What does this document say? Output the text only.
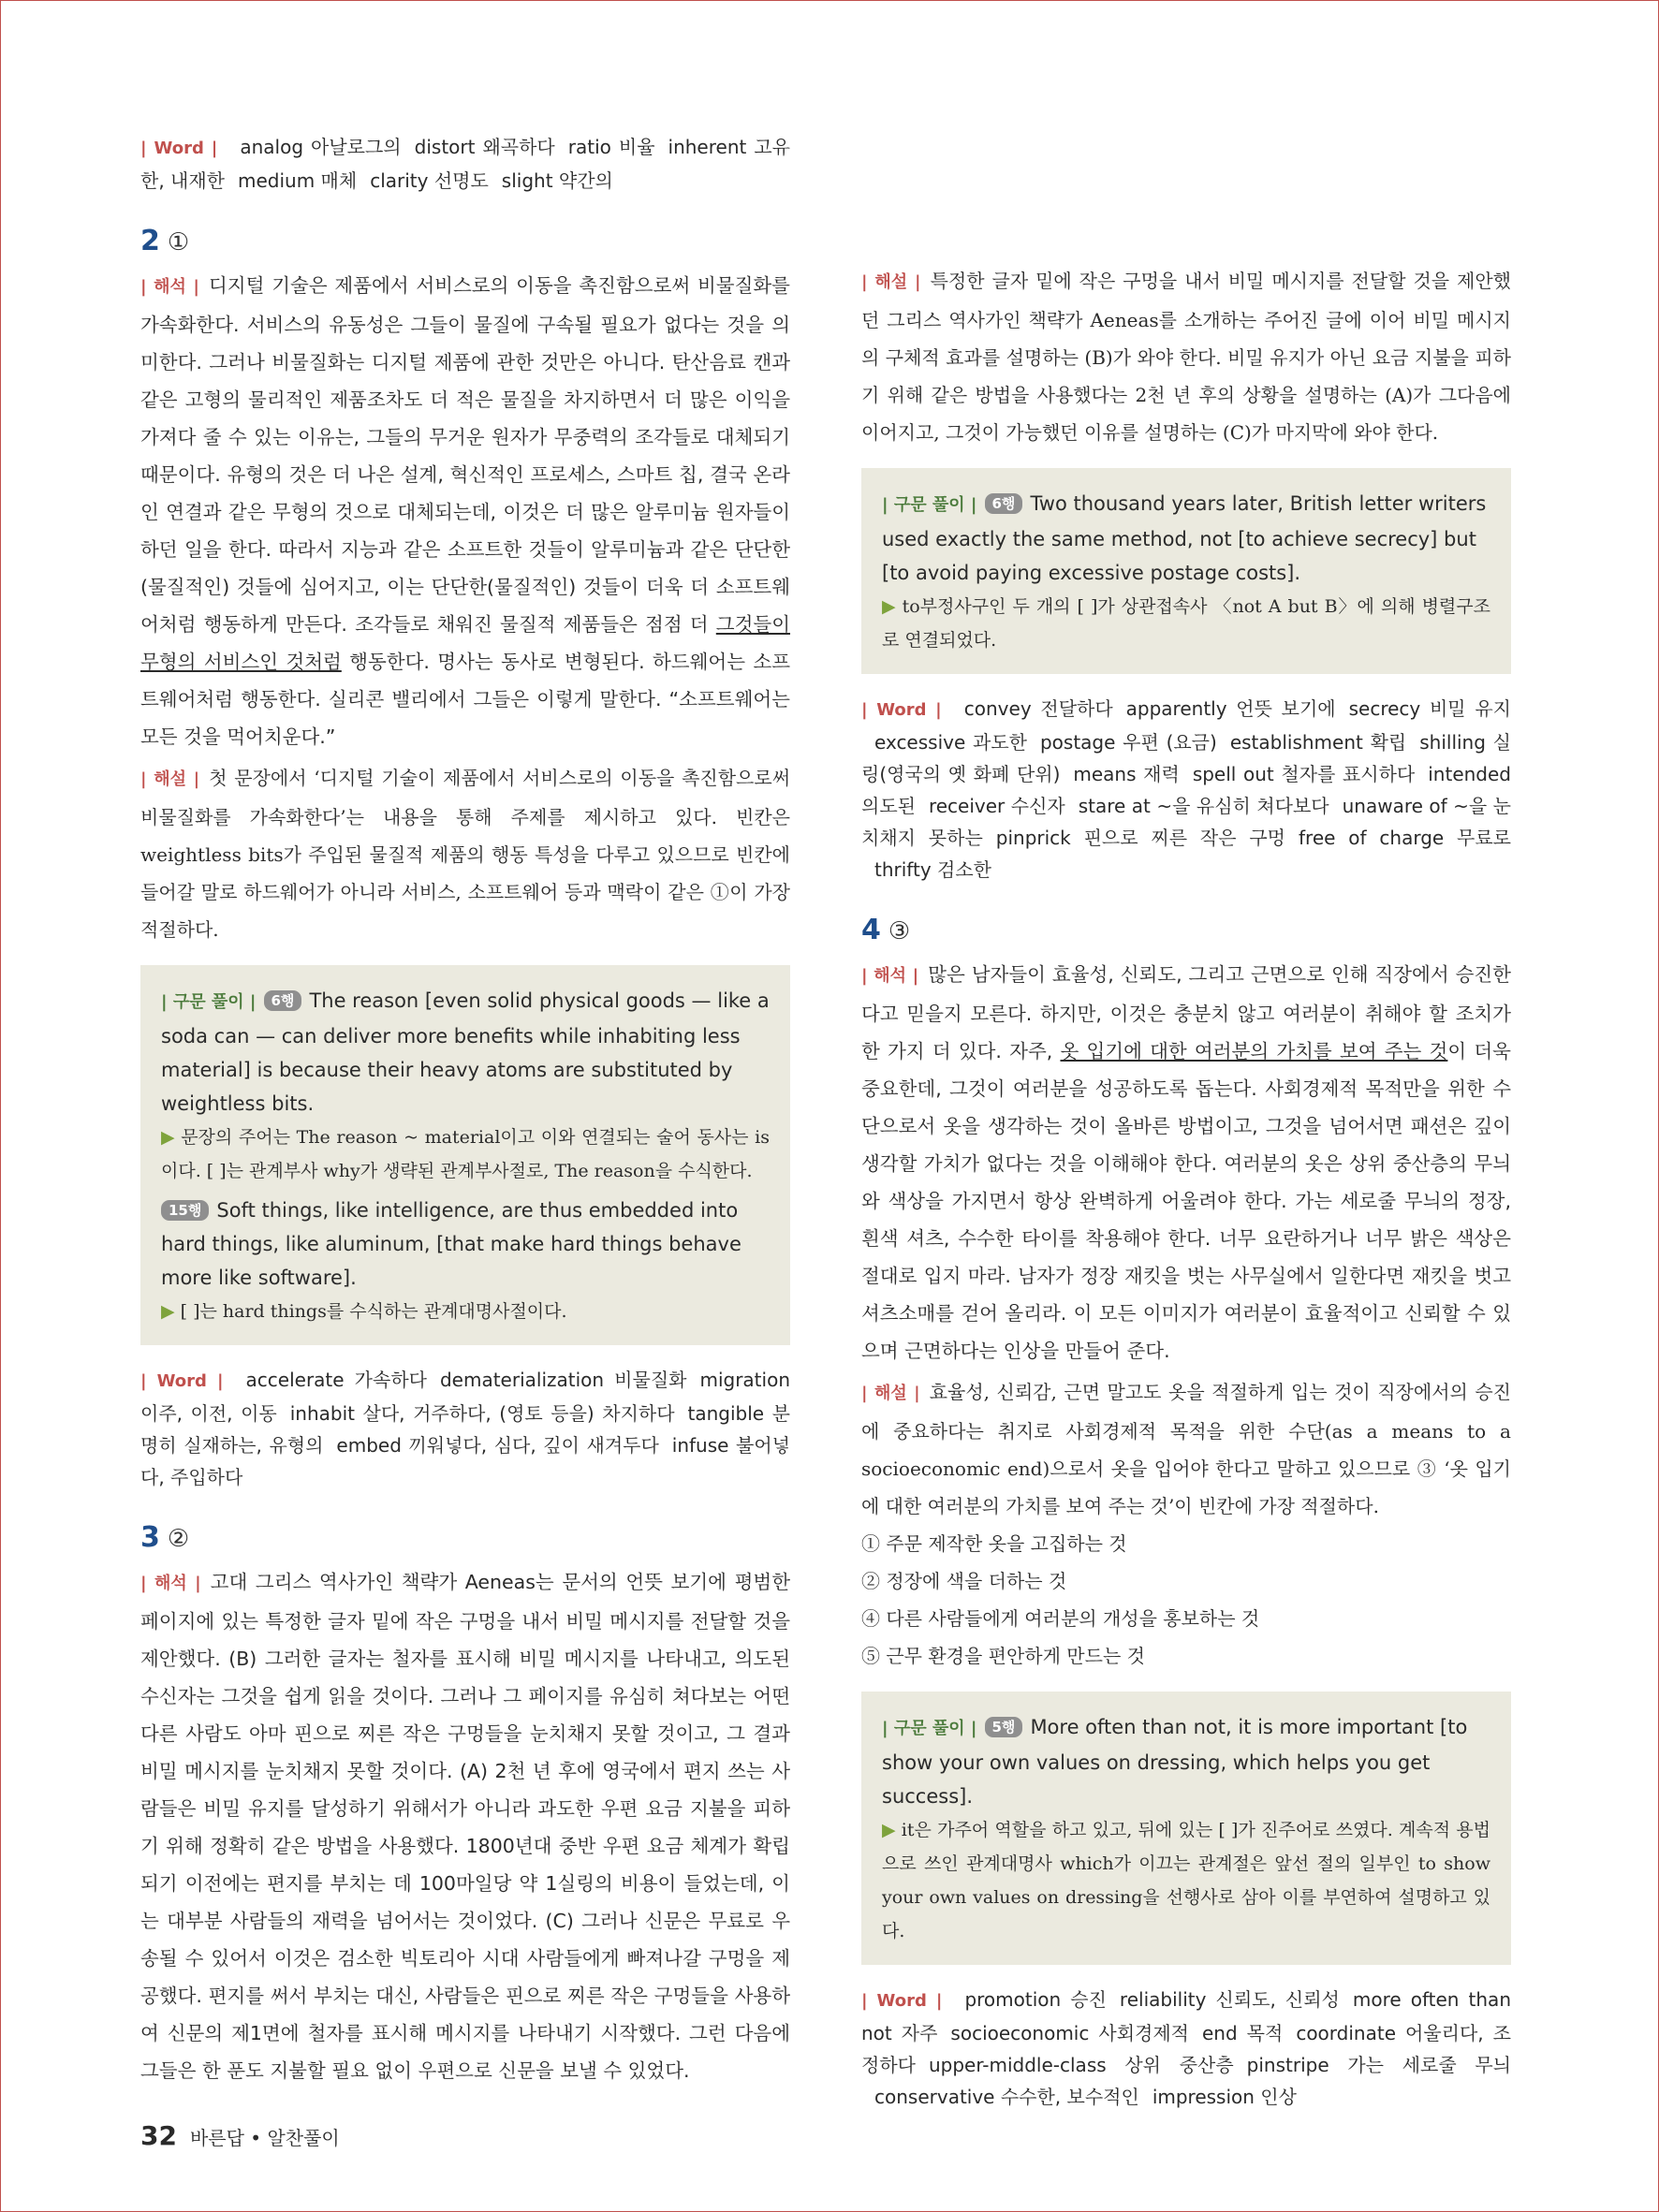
| Word | analog 아날로그의 distort 왜곡하다 ratio 비율 inherent 고유한, 내재한 medium 매체 clarity 선명도 slight 약간의

2 ①

| 해석 | 디지털 기술은 제품에서 서비스로의 이동을 촉진함으로써 비물질화를 가속화한다. 서비스의 유동성은 그들이 물질에 구속될 필요가 없다는 것을 의미한다. 그러나 비물질화는 디지털 제품에 관한 것만은 아니다. 탄산음료 캔과 같은 고형의 물리적인 제품조차도 더 적은 물질을 차지하면서 더 많은 이익을 가져다 줄 수 있는 이유는, 그들의 무거운 원자가 무중력의 조각들로 대체되기 때문이다. 유형의 것은 더 나은 설계, 혁신적인 프로세스, 스마트 칩, 결국 온라인 연결과 같은 무형의 것으로 대체되는데, 이것은 더 많은 알루미늄 원자들이 하던 일을 한다. 따라서 지능과 같은 소프트한 것들이 알루미늄과 같은 단단한(물질적인) 것들에 심어지고, 이는 단단한(물질적인) 것들이 더욱 더 소프트웨어처럼 행동하게 만든다. 조각들로 채워진 물질적 제품들은 점점 더 그것들이 무형의 서비스인 것처럼 행동한다. 명사는 동사로 변형된다. 하드웨어는 소프트웨어처럼 행동한다. 실리콘 밸리에서 그들은 이렇게 말한다. “소프트웨어는 모든 것을 먹어치운다.”

| 해설 | 첫 문장에서 ‘디지털 기술이 제품에서 서비스로의 이동을 촉진함으로써 비물질화를 가속화한다’는 내용을 통해 주제를 제시하고 있다. 빈칸은 weightless bits가 주입된 물질적 제품의 행동 특성을 다루고 있으므로 빈칸에 들어갈 말로 하드웨어가 아니라 서비스, 소프트웨어 등과 맥락이 같은 ①이 가장 적절하다.

| 구문 풀이 | 6행 The reason [even solid physical goods — like a soda can — can deliver more benefits while inhabiting less material] is because their heavy atoms are substituted by weightless bits.

▶ 문장의 주어는 The reason ~ material이고 이와 연결되는 술어 동사는 is이다. [ ]는 관계부사 why가 생략된 관계부사절로, The reason을 수식한다.

15행 Soft things, like intelligence, are thus embedded into hard things, like aluminum, [that make hard things behave more like software].

▶ [ ]는 hard things를 수식하는 관계대명사절이다.

| Word | accelerate 가속하다 dematerialization 비물질화 migration 이주, 이전, 이동 inhabit 살다, 거주하다, (영토 등을) 차지하다 tangible 분명히 실재하는, 유형의 embed 끼워넣다, 심다, 깊이 새겨두다 infuse 불어넣다, 주입하다

3 ②

| 해석 | 고대 그리스 역사가인 책략가 Aeneas는 문서의 언뜻 보기에 평범한 페이지에 있는 특정한 글자 밑에 작은 구멍을 내서 비밀 메시지를 전달할 것을 제안했다. (B) 그러한 글자는 철자를 표시해 비밀 메시지를 나타내고, 의도된 수신자는 그것을 쉽게 읽을 것이다. 그러나 그 페이지를 유심히 쳐다보는 어떤 다른 사람도 아마 핀으로 찌른 작은 구멍들을 눈치채지 못할 것이고, 그 결과 비밀 메시지를 눈치채지 못할 것이다. (A) 2천 년 후에 영국에서 편지 쓰는 사람들은 비밀 유지를 달성하기 위해서가 아니라 과도한 우편 요금 지불을 피하기 위해 정확히 같은 방법을 사용했다. 1800년대 중반 우편 요금 체계가 확립되기 이전에는 편지를 부치는 데 100마일당 약 1실링의 비용이 들었는데, 이는 대부분 사람들의 재력을 넘어서는 것이었다. (C) 그러나 신문은 무료로 우송될 수 있어서 이것은 검소한 빅토리아 시대 사람들에게 빠져나갈 구멍을 제공했다. 편지를 써서 부치는 대신, 사람들은 핀으로 찌른 작은 구멍들을 사용하여 신문의 제1면에 철자를 표시해 메시지를 나타내기 시작했다. 그런 다음에 그들은 한 푼도 지불할 필요 없이 우편으로 신문을 보낼 수 있었다.

| 해설 | 특정한 글자 밑에 작은 구멍을 내서 비밀 메시지를 전달할 것을 제안했던 그리스 역사가인 책략가 Aeneas를 소개하는 주어진 글에 이어 비밀 메시지의 구체적 효과를 설명하는 (B)가 와야 한다. 비밀 유지가 아닌 요금 지불을 피하기 위해 같은 방법을 사용했다는 2천 년 후의 상황을 설명하는 (A)가 그다음에 이어지고, 그것이 가능했던 이유를 설명하는 (C)가 마지막에 와야 한다.

| 구문 풀이 | 6행 Two thousand years later, British letter writers used exactly the same method, not [to achieve secrecy] but [to avoid paying excessive postage costs].

▶ to부정사구인 두 개의 [ ]가 상관접속사 〈not A but B〉에 의해 병렬구조로 연결되었다.

| Word | convey 전달하다 apparently 언뜻 보기에 secrecy 비밀 유지excessive 과도한 postage 우편 (요금) establishment 확립 shilling 실링(영국의 옛 화폐 단위) means 재력 spell out 철자를 표시하다 intended 의도된 receiver 수신자 stare at ~을 유심히 쳐다보다 unaware of ~을 눈치채지 못하는 pinprick 핀으로 찌른 작은 구멍 free of charge 무료로thrifty 검소한

4 ③

| 해석 | 많은 남자들이 효율성, 신뢰도, 그리고 근면으로 인해 직장에서 승진한다고 믿을지 모른다. 하지만, 이것은 충분치 않고 여러분이 취해야 할 조치가 한 가지 더 있다. 자주, 옷 입기에 대한 여러분의 가치를 보여 주는 것이 더욱 중요한데, 그것이 여러분을 성공하도록 돕는다. 사회경제적 목적만을 위한 수단으로서 옷을 생각하는 것이 올바른 방법이고, 그것을 넘어서면 패션은 깊이 생각할 가치가 없다는 것을 이해해야 한다. 여러분의 옷은 상위 중산층의 무늬와 색상을 가지면서 항상 완벽하게 어울려야 한다. 가는 세로줄 무늬의 정장, 흰색 셔츠, 수수한 타이를 착용해야 한다. 너무 요란하거나 너무 밝은 색상은 절대로 입지 마라. 남자가 정장 재킷을 벗는 사무실에서 일한다면 재킷을 벗고 셔츠소매를 걷어 올리라. 이 모든 이미지가 여러분이 효율적이고 신뢰할 수 있으며 근면하다는 인상을 만들어 준다.

| 해설 | 효율성, 신뢰감, 근면 말고도 옷을 적절하게 입는 것이 직장에서의 승진에 중요하다는 취지로 사회경제적 목적을 위한 수단(as a means to a socioeconomic end)으로서 옷을 입어야 한다고 말하고 있으므로 ③ ‘옷 입기에 대한 여러분의 가치를 보여 주는 것’이 빈칸에 가장 적절하다.

① 주문 제작한 옷을 고집하는 것

② 정장에 색을 더하는 것

④ 다른 사람들에게 여러분의 개성을 홍보하는 것

⑤ 근무 환경을 편안하게 만드는 것

| 구문 풀이 | 5행 More often than not, it is more important [to show your own values on dressing, which helps you get success].

▶ it은 가주어 역할을 하고 있고, 뒤에 있는 [ ]가 진주어로 쓰였다. 계속적 용법으로 쓰인 관계대명사 which가 이끄는 관계절은 앞선 절의 일부인 to show your own values on dressing을 선행사로 삼아 이를 부연하여 설명하고 있다.

| Word | promotion 승진 reliability 신뢰도, 신뢰성 more often than not 자주 socioeconomic 사회경제적 end 목적 coordinate 어울리다, 조정하다 upper-middle-class 상위 중산층 pinstripe 가는 세로줄 무늬conservative 수수한, 보수적인 impression 인상

32 바른답 • 알찬풀이
